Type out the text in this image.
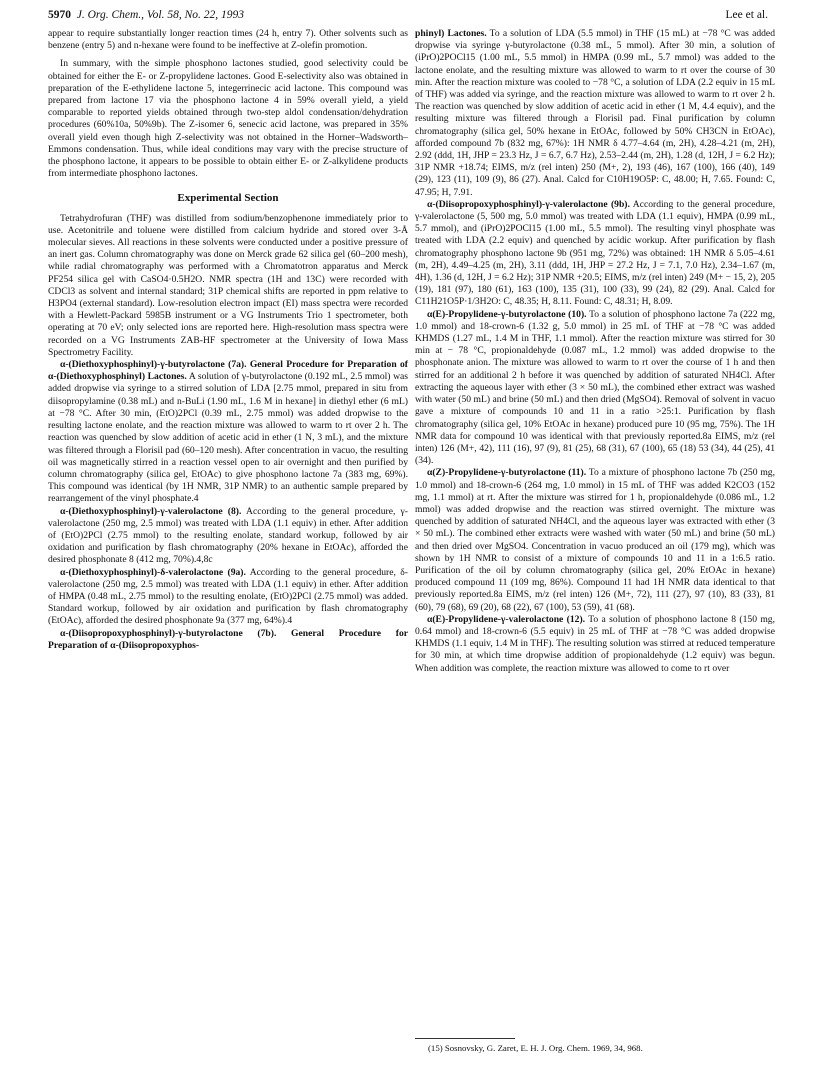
5970 J. Org. Chem., Vol. 58, No. 22, 1993	Lee et al.

appear to require substantially longer reaction times (24 h, entry 7). Other solvents such as benzene (entry 5) and n-hexane were found to be ineffective at Z-olefin promotion.

In summary, with the simple phosphono lactones studied, good selectivity could be obtained for either the E- or Z-propylidene lactones. Good E-selectivity also was obtained in preparation of the E-ethylidene lactone 5, integerrinecic acid lactone. This compound was prepared from lactone 17 via the phosphono lactone 4 in 59% overall yield, a yield comparable to reported yields obtained through two-step aldol condensation/dehydration procedures (60%10a, 50%9b). The Z-isomer 6, senecic acid lactone, was prepared in 35% overall yield even though high Z-selectivity was not obtained in the Horner–Wadsworth–Emmons condensation. Thus, while ideal conditions may vary with the precise structure of the phosphono lactone, it appears to be possible to obtain either E- or Z-alkylidene products from intermediate phosphono lactones.

Experimental Section

Tetrahydrofuran (THF) was distilled from sodium/benzophenone immediately prior to use. Acetonitrile and toluene were distilled from calcium hydride and stored over 3-Å molecular sieves. All reactions in these solvents were conducted under a positive pressure of an inert gas. Column chromatography was done on Merck grade 62 silica gel (60–200 mesh), while radial chromatography was performed with a Chromatotron apparatus and Merck PF254 silica gel with CaSO4·0.5H2O. NMR spectra (1H and 13C) were recorded with CDCl3 as solvent and internal standard; 31P chemical shifts are reported in ppm relative to H3PO4 (external standard). Low-resolution electron impact (EI) mass spectra were recorded with a Hewlett-Packard 5985B instrument or a VG Instruments Trio 1 spectrometer, both operating at 70 eV; only selected ions are reported here. High-resolution mass spectra were recorded on a VG Instruments ZAB-HF spectrometer at the University of Iowa Mass Spectrometry Facility.

α-(Diethoxyphosphinyl)-γ-butyrolactone (7a). General Procedure for Preparation of α-(Diethoxyphosphinyl) Lactones. A solution of γ-butyrolactone (0.192 mL, 2.5 mmol) was added dropwise via syringe to a stirred solution of LDA [2.75 mmol, prepared in situ from diisopropylamine (0.38 mL) and n-BuLi (1.90 mL, 1.6 M in hexane] in diethyl ether (6 mL) at −78 °C. After 30 min, (EtO)2PCl (0.39 mL, 2.75 mmol) was added dropwise to the resulting lactone enolate, and the reaction mixture was allowed to warm to rt over 2 h. The reaction was quenched by slow addition of acetic acid in ether (1 N, 3 mL), and the mixture was filtered through a Florisil pad (60–120 mesh). After concentration in vacuo, the resulting oil was magnetically stirred in a reaction vessel open to air overnight and then purified by column chromatography (silica gel, EtOAc) to give phosphono lactone 7a (383 mg, 69%). This compound was identical (by 1H NMR, 31P NMR) to an authentic sample prepared by rearrangement of the vinyl phosphate.4

α-(Diethoxyphosphinyl)-γ-valerolactone (8). According to the general procedure, γ-valerolactone (250 mg, 2.5 mmol) was treated with LDA (1.1 equiv) in ether. After addition of (EtO)2PCl (2.75 mmol) to the resulting enolate, standard workup, followed by air oxidation and purification by flash chromatography (20% hexane in EtOAc), afforded the desired phosphonate 8 (412 mg, 70%).4,8c

α-(Diethoxyphosphinyl)-δ-valerolactone (9a). According to the general procedure, δ-valerolactone (250 mg, 2.5 mmol) was treated with LDA (1.1 equiv) in ether. After addition of HMPA (0.48 mL, 2.75 mmol) to the resulting enolate, (EtO)2PCl (2.75 mmol) was added. Standard workup, followed by air oxidation and purification by flash chromatography (EtOAc), afforded the desired phosphonate 9a (377 mg, 64%).4

α-(Diisopropoxyphosphinyl)-γ-butyrolactone (7b). General Procedure for Preparation of α-(Diisopropoxyphos-

phinyl) Lactones. To a solution of LDA (5.5 mmol) in THF (15 mL) at −78 °C was added dropwise via syringe γ-butyrolactone (0.38 mL, 5 mmol). After 30 min, a solution of (iPrO)2POCl15 (1.00 mL, 5.5 mmol) in HMPA (0.99 mL, 5.7 mmol) was added to the lactone enolate, and the resulting mixture was allowed to warm to rt over the course of 30 min. After the reaction mixture was cooled to −78 °C, a solution of LDA (2.2 equiv in 15 mL of THF) was added via syringe, and the reaction mixture was allowed to warm to rt over 2 h. The reaction was quenched by slow addition of acetic acid in ether (1 M, 4.4 equiv), and the resulting mixture was filtered through a Florisil pad. Final purification by column chromatography (silica gel, 50% hexane in EtOAc, followed by 50% CH3CN in EtOAc), afforded compound 7b (832 mg, 67%): 1H NMR δ 4.77–4.64 (m, 2H), 4.28–4.21 (m, 2H), 2.92 (ddd, 1H, JHP = 23.3 Hz, J = 6.7, 6.7 Hz), 2.53–2.44 (m, 2H), 1.28 (d, 12H, J = 6.2 Hz); 31P NMR +18.74; EIMS, m/z (rel inten) 250 (M+, 2), 193 (46), 167 (100), 166 (40), 149 (29), 123 (11), 109 (9), 86 (27). Anal. Calcd for C10H19O5P: C, 48.00; H, 7.65. Found: C, 47.95; H, 7.91.

α-(Diisopropoxyphosphinyl)-γ-valerolactone (9b). According to the general procedure, γ-valerolactone (5, 500 mg, 5.0 mmol) was treated with LDA (1.1 equiv), HMPA (0.99 mL, 5.7 mmol), and (iPrO)2POCl15 (1.00 mL, 5.5 mmol). The resulting vinyl phosphate was treated with LDA (2.2 equiv) and quenched by acidic workup. After purification by flash chromatography phosphono lactone 9b (951 mg, 72%) was obtained: 1H NMR δ 5.05–4.61 (m, 2H), 4.49–4.25 (m, 2H), 3.11 (ddd, 1H, JHP = 27.2 Hz, J = 7.1, 7.0 Hz), 2.34–1.67 (m, 4H), 1.36 (d, 12H, J = 6.2 Hz); 31P NMR +20.5; EIMS, m/z (rel inten) 249 (M+ − 15, 2), 205 (19), 181 (97), 180 (61), 163 (100), 135 (31), 100 (33), 99 (24), 82 (29). Anal. Calcd for C11H21O5P·1/3H2O: C, 48.35; H, 8.11. Found: C, 48.31; H, 8.09.

α(E)-Propylidene-γ-butyrolactone (10). To a solution of phosphono lactone 7a (222 mg, 1.0 mmol) and 18-crown-6 (1.32 g, 5.0 mmol) in 25 mL of THF at −78 °C was added KHMDS (1.27 mL, 1.4 M in THF, 1.1 mmol). After the reaction mixture was stirred for 30 min at − 78 °C, propionaldehyde (0.087 mL, 1.2 mmol) was added dropwise to the phosphonate anion. The mixture was allowed to warm to rt over the course of 1 h and then stirred for an additional 2 h before it was quenched by addition of saturated NH4Cl. After extracting the aqueous layer with ether (3 × 50 mL), the combined ether extract was washed with water (50 mL) and brine (50 mL) and then dried (MgSO4). Removal of solvent in vacuo gave a mixture of compounds 10 and 11 in a ratio >25:1. Purification by flash chromatography (silica gel, 10% EtOAc in hexane) produced pure 10 (95 mg, 75%). The 1H NMR data for compound 10 was identical with that previously reported.8a EIMS, m/z (rel inten) 126 (M+, 42), 111 (16), 97 (9), 81 (25), 68 (31), 67 (100), 65 (18) 53 (34), 44 (25), 41 (34).

α(Z)-Propylidene-γ-butyrolactone (11). To a mixture of phosphono lactone 7b (250 mg, 1.0 mmol) and 18-crown-6 (264 mg, 1.0 mmol) in 15 mL of THF was added K2CO3 (152 mg, 1.1 mmol) at rt. After the mixture was stirred for 1 h, propionaldehyde (0.086 mL, 1.2 mmol) was added dropwise and the reaction was stirred overnight. The mixture was quenched by addition of saturated NH4Cl, and the aqueous layer was extracted with ether (3 × 50 mL). The combined ether extracts were washed with water (50 mL) and brine (50 mL) and then dried over MgSO4. Concentration in vacuo produced an oil (179 mg), which was shown by 1H NMR to consist of a mixture of compounds 10 and 11 in a 1:6.5 ratio. Purification of the oil by column chromatography (silica gel, 20% EtOAc in hexane) produced compound 11 (109 mg, 86%). Compound 11 had 1H NMR data identical to that previously reported.8a EIMS, m/z (rel inten) 126 (M+, 72), 111 (27), 97 (10), 83 (33), 81 (60), 79 (68), 69 (20), 68 (22), 67 (100), 53 (59), 41 (68).

α(E)-Propylidene-γ-valerolactone (12). To a solution of phosphono lactone 8 (150 mg, 0.64 mmol) and 18-crown-6 (5.5 equiv) in 25 mL of THF at −78 °C was added dropwise KHMDS (1.1 equiv, 1.4 M in THF). The resulting solution was stirred at reduced temperature for 30 min, at which time dropwise addition of propionaldehyde (1.2 equiv) was begun. When addition was complete, the reaction mixture was allowed to come to rt over

(15) Sosnovsky, G. Zaret, E. H. J. Org. Chem. 1969, 34, 968.
